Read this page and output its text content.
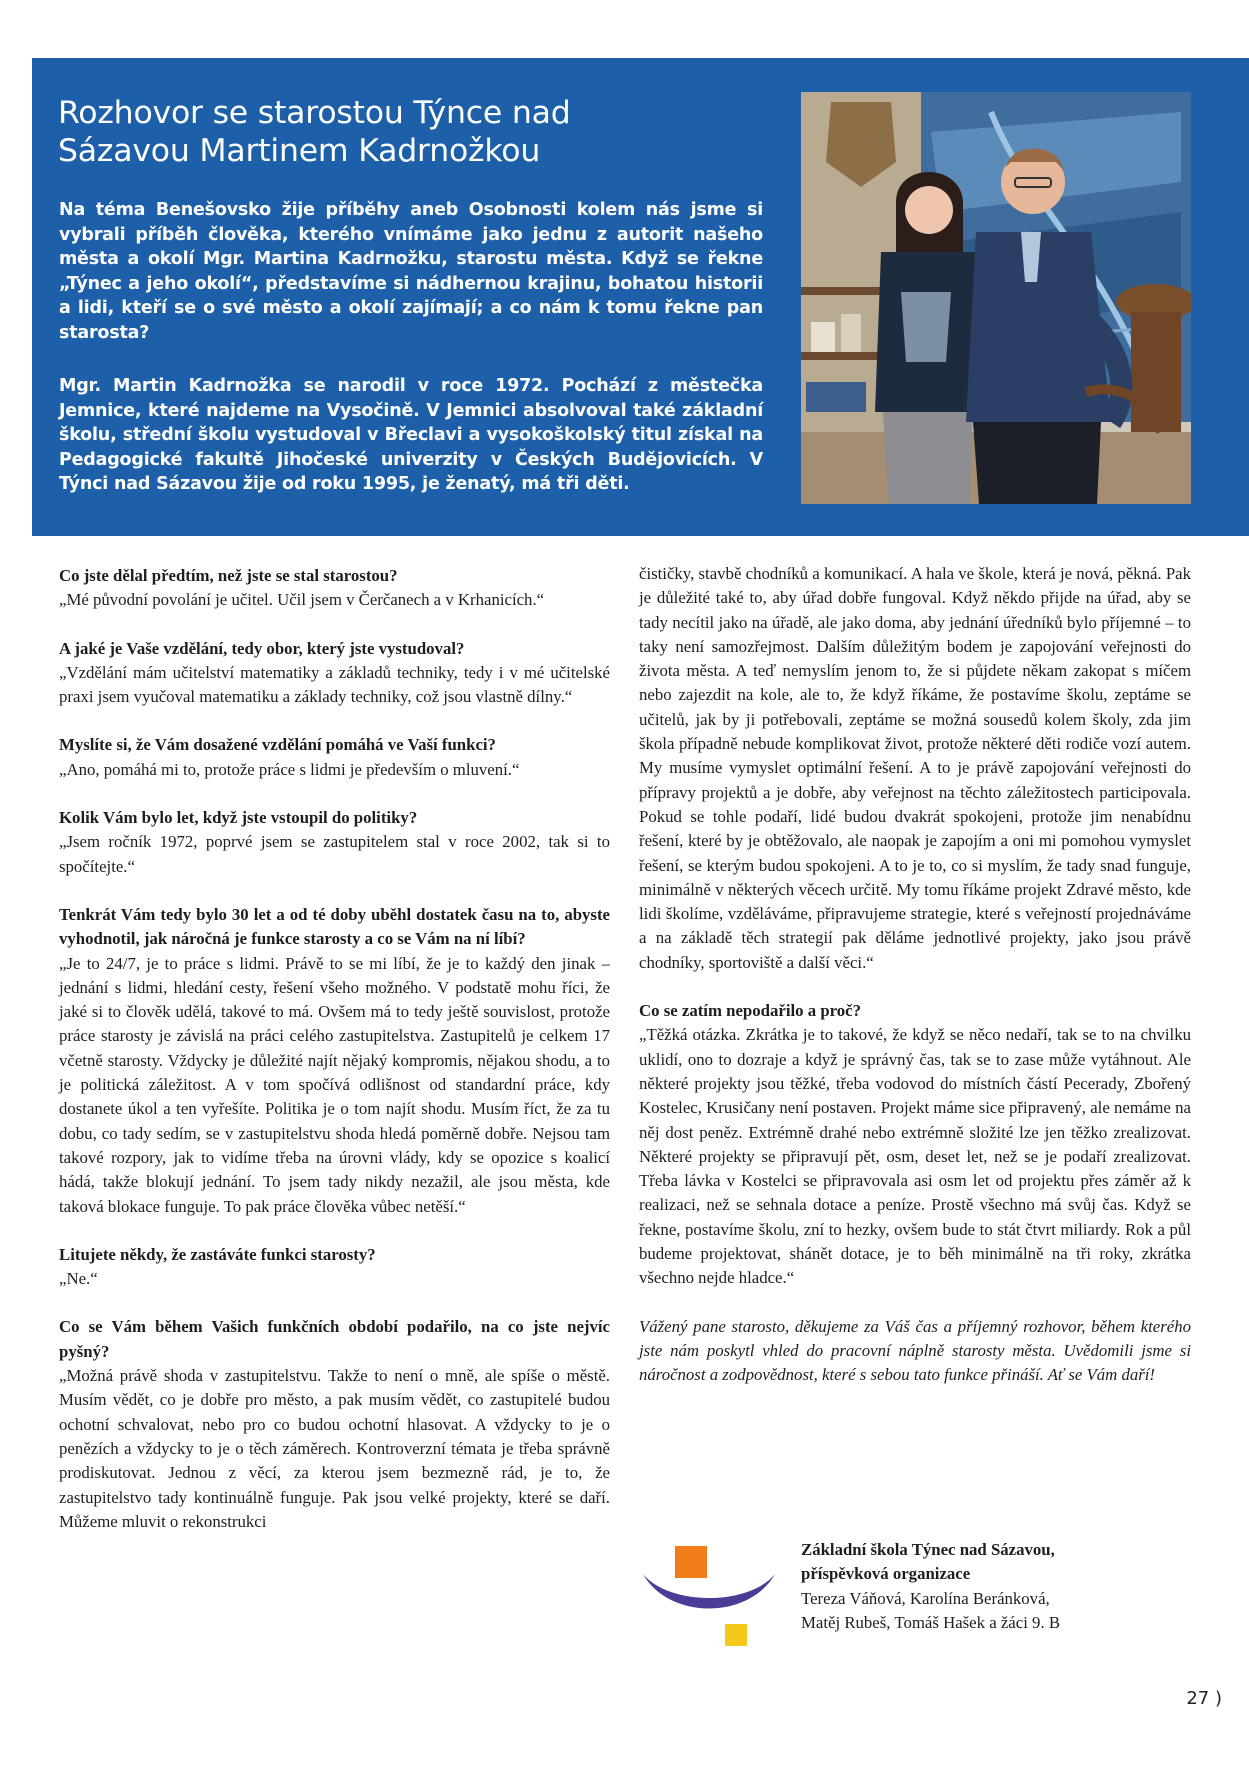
Rozhovor se starostou Týnce nad
Sázavou Martinem Kadrnožkou

Na téma Benešovsko žije příběhy aneb Osobnosti kolem nás jsme si vybrali příběh člověka, kterého vnímáme jako jednu z autorit našeho města a okolí Mgr. Martina Kadrnožku, starostu města. Když se řekne „Týnec a jeho okolí“, představíme si nádhernou krajinu, bohatou historii a lidi, kteří se o své město a okolí zajímají; a co nám k tomu řekne pan starosta?

Mgr. Martin Kadrnožka se narodil v roce 1972. Pochází z městečka Jemnice, které najdeme na Vysočině. V Jemnici absolvoval také základní školu, střední školu vystudoval v Břeclavi a vysokoškolský titul získal na Pedagogické fakultě Jihočeské univerzity v Českých Budějovicích. V Týnci nad Sázavou žije od roku 1995, je ženatý, má tři děti.

Co jste dělal předtím, než jste se stal starostou?

„Mé původní povolání je učitel. Učil jsem v Čerčanech a v Krhanicích.“

A jaké je Vaše vzdělání, tedy obor, který jste vystudoval?

„Vzdělání mám učitelství matematiky a základů techniky, tedy i v mé učitelské praxi jsem vyučoval matematiku a základy techniky, což jsou vlastně dílny.“

Myslíte si, že Vám dosažené vzdělání pomáhá ve Vaší funkci?

„Ano, pomáhá mi to, protože práce s lidmi je především o mluvení.“

Kolik Vám bylo let, když jste vstoupil do politiky?

„Jsem ročník 1972, poprvé jsem se zastupitelem stal v roce 2002, tak si to spočítejte.“

Tenkrát Vám tedy bylo 30 let a od té doby uběhl dostatek času na to, abyste vyhodnotil, jak náročná je funkce starosty a co se Vám na ní líbí?

„Je to 24/7, je to práce s lidmi. Právě to se mi líbí, že je to každý den jinak – jednání s lidmi, hledání cesty, řešení všeho možného. V podstatě mohu říci, že jaké si to člověk udělá, takové to má. Ovšem má to tedy ještě souvislost, protože práce starosty je závislá na práci celého zastupitelstva. Zastupitelů je celkem 17 včetně starosty. Vždycky je důležité najít nějaký kompromis, nějakou shodu, a to je politická záležitost. A v tom spočívá odlišnost od standardní práce, kdy dostanete úkol a ten vyřešíte. Politika je o tom najít shodu. Musím říct, že za tu dobu, co tady sedím, se v zastupitelstvu shoda hledá poměrně dobře. Nejsou tam takové rozpory, jak to vidíme třeba na úrovni vlády, kdy se opozice s koalicí hádá, takže blokují jednání. To jsem tady nikdy nezažil, ale jsou města, kde taková blokace funguje. To pak práce člověka vůbec netěší.“

Litujete někdy, že zastáváte funkci starosty?

„Ne.“

Co se Vám během Vašich funkčních období podařilo, na co jste nejvíc pyšný?

„Možná právě shoda v zastupitelstvu. Takže to není o mně, ale spíše o městě. Musím vědět, co je dobře pro město, a pak musím vědět, co zastupitelé budou ochotní schvalovat, nebo pro co budou ochotní hlasovat. A vždycky to je o penězích a vždycky to je o těch záměrech. Kontroverzní témata je třeba správně prodiskutovat. Jednou z věcí, za kterou jsem bezmezně rád, je to, že zastupitelstvo tady kontinuálně funguje. Pak jsou velké projekty, které se daří. Můžeme mluvit o rekonstrukci

čističky, stavbě chodníků a komunikací. A hala ve škole, která je nová, pěkná. Pak je důležité také to, aby úřad dobře fungoval. Když někdo přijde na úřad, aby se tady necítil jako na úřadě, ale jako doma, aby jednání úředníků bylo příjemné – to taky není samozřejmost. Dalším důležitým bodem je zapojování veřejnosti do života města. A teď nemyslím jenom to, že si půjdete někam zakopat s míčem nebo zajezdit na kole, ale to, že když říkáme, že postavíme školu, zeptáme se učitelů, jak by ji potřebovali, zeptáme se možná sousedů kolem školy, zda jim škola případně nebude komplikovat život, protože některé děti rodiče vozí autem. My musíme vymyslet optimální řešení. A to je právě zapojování veřejnosti do přípravy projektů a je dobře, aby veřejnost na těchto záležitostech participovala. Pokud se tohle podaří, lidé budou dvakrát spokojeni, protože jim nenabídnu řešení, které by je obtěžovalo, ale naopak je zapojím a oni mi pomohou vymyslet řešení, se kterým budou spokojeni. A to je to, co si myslím, že tady snad funguje, minimálně v některých věcech určitě. My tomu říkáme projekt Zdravé město, kde lidi školíme, vzděláváme, připravujeme strategie, které s veřejností projednáváme a na základě těch strategií pak děláme jednotlivé projekty, jako jsou právě chodníky, sportoviště a další věci.“

Co se zatím nepodařilo a proč?

„Těžká otázka. Zkrátka je to takové, že když se něco nedaří, tak se to na chvilku uklidí, ono to dozraje a když je správný čas, tak se to zase může vytáhnout. Ale některé projekty jsou těžké, třeba vodovod do místních částí Pecerady, Zbořený Kostelec, Krusičany není postaven. Projekt máme sice připravený, ale nemáme na něj dost peněz. Extrémně drahé nebo extrémně složité lze jen těžko zrealizovat. Některé projekty se připravují pět, osm, deset let, než se je podaří zrealizovat. Třeba lávka v Kostelci se připravovala asi osm let od projektu přes záměr až k realizaci, než se sehnala dotace a peníze. Prostě všechno má svůj čas. Když se řekne, postavíme školu, zní to hezky, ovšem bude to stát čtvrt miliardy. Rok a půl budeme projektovat, shánět dotace, je to běh minimálně na tři roky, zkrátka všechno nejde hladce.“

Vážený pane starosto, děkujeme za Váš čas a příjemný rozhovor, během kterého jste nám poskytl vhled do pracovní náplně starosty města. Uvědomili jsme si náročnost a zodpovědnost, které s sebou tato funkce přináší. Ať se Vám daří!

Základní škola Týnec nad Sázavou,
příspěvková organizace
Tereza Váňová, Karolína Beránková,
Matěj Rubeš, Tomáš Hašek a žáci 9. B
27 )
